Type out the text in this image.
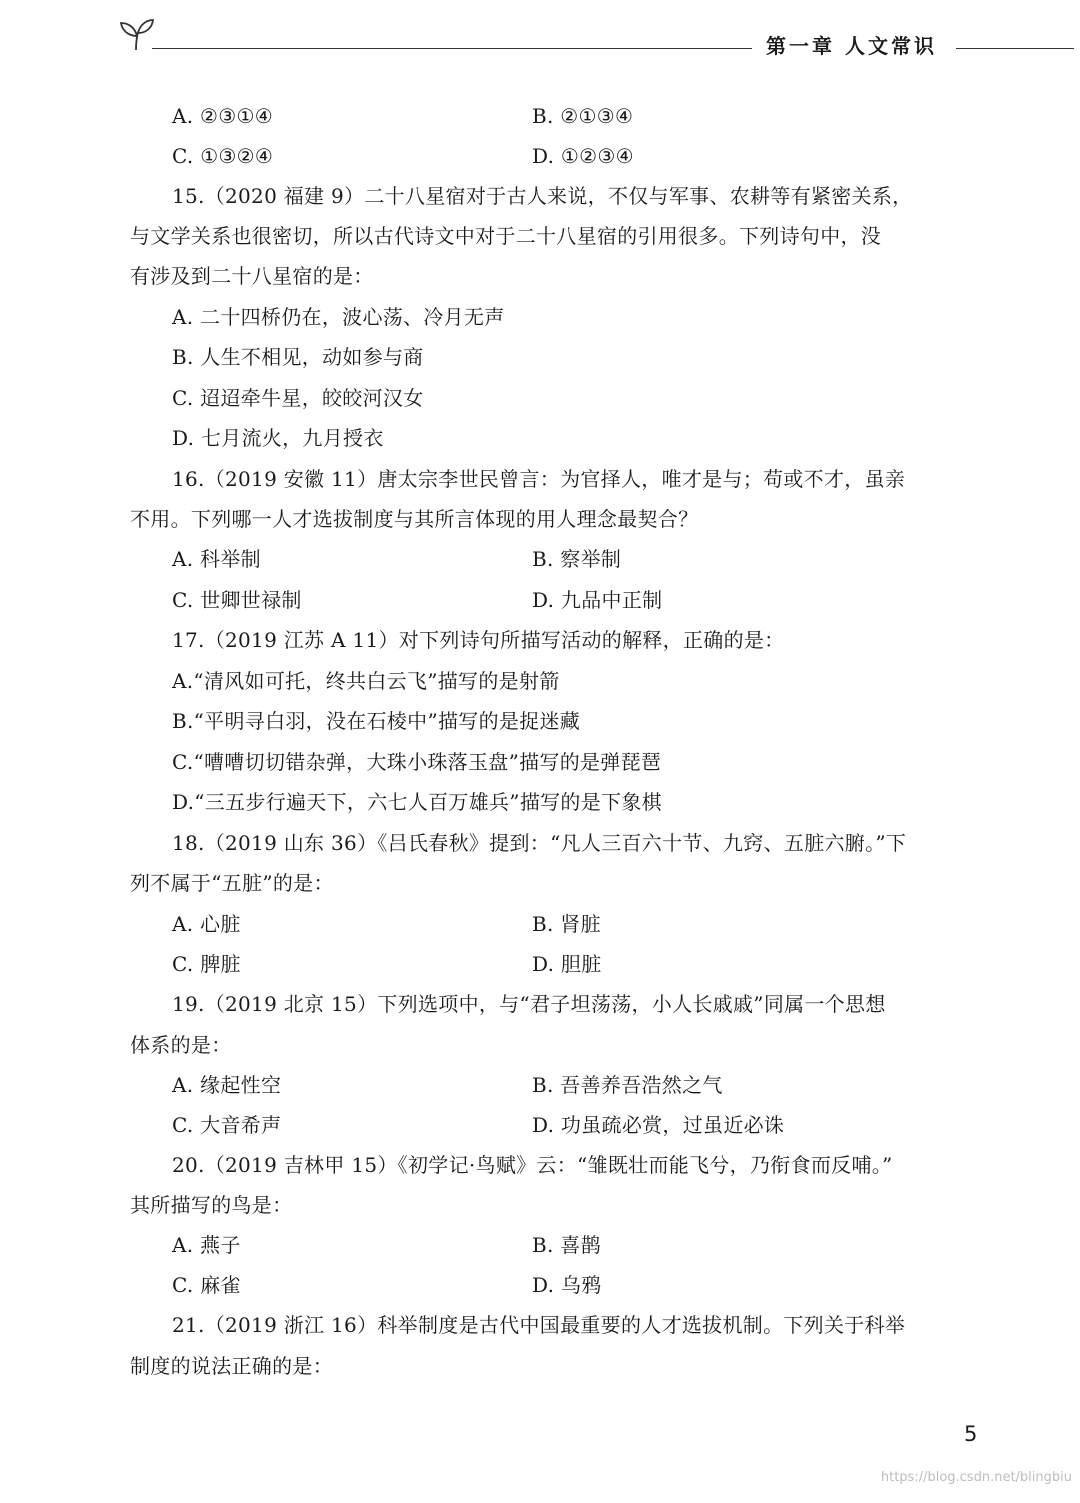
第一章 人文常识
A. ②③①④	B. ②①③④
C. ①③②④	D. ①②③④
15.（2020 福建 9）二十八星宿对于古人来说，不仅与军事、农耕等有紧密关系，
与文学关系也很密切，所以古代诗文中对于二十八星宿的引用很多。下列诗句中，没
有涉及到二十八星宿的是：
A. 二十四桥仍在，波心荡、冷月无声
B. 人生不相见，动如参与商
C. 迢迢牵牛星，皎皎河汉女
D. 七月流火，九月授衣
16.（2019 安徽 11）唐太宗李世民曾言：为官择人，唯才是与；苟或不才，虽亲
不用。下列哪一人才选拔制度与其所言体现的用人理念最契合？
A. 科举制	B. 察举制
C. 世卿世禄制	D. 九品中正制
17.（2019 江苏 A 11）对下列诗句所描写活动的解释，正确的是：
A.“清风如可托，终共白云飞”描写的是射箭
B.“平明寻白羽，没在石棱中”描写的是捉迷藏
C.“嘈嘈切切错杂弹，大珠小珠落玉盘”描写的是弹琵琶
D.“三五步行遍天下，六七人百万雄兵”描写的是下象棋
18.（2019 山东 36）《吕氏春秋》提到：“凡人三百六十节、九窍、五脏六腑。”下
列不属于“五脏”的是：
A. 心脏	B. 肾脏
C. 脾脏	D. 胆脏
19.（2019 北京 15）下列选项中，与“君子坦荡荡，小人长戚戚”同属一个思想
体系的是：
A. 缘起性空	B. 吾善养吾浩然之气
C. 大音希声	D. 功虽疏必赏，过虽近必诛
20.（2019 吉林甲 15）《初学记·鸟赋》云：“雏既壮而能飞兮，乃衔食而反哺。”
其所描写的鸟是：
A. 燕子	B. 喜鹊
C. 麻雀	D. 乌鸦
21.（2019 浙江 16）科举制度是古代中国最重要的人才选拔机制。下列关于科举
制度的说法正确的是：
5
https://blog.csdn.net/blingbiu
